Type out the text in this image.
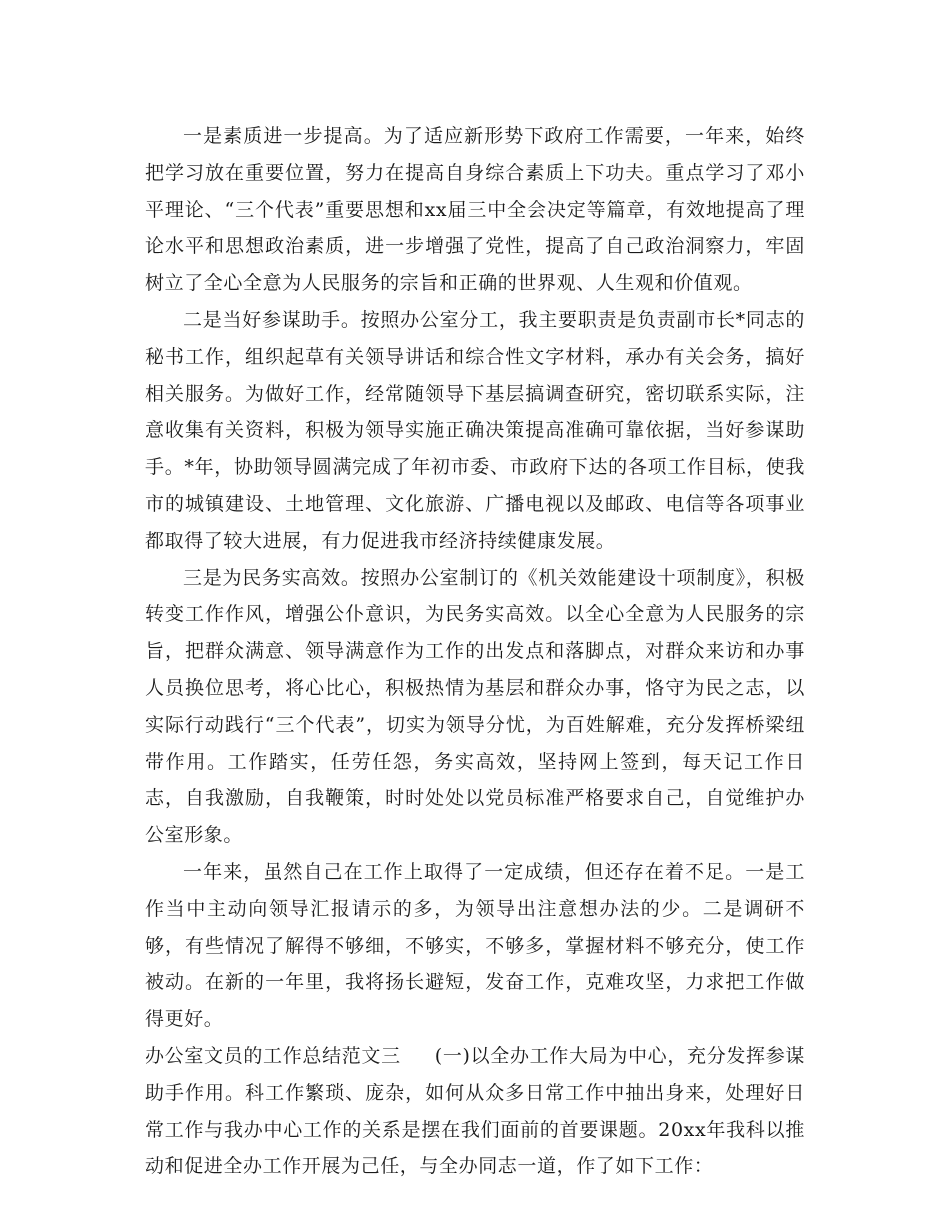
一是素质进一步提高。为了适应新形势下政府工作需要，一年来，始终把学习放在重要位置，努力在提高自身综合素质上下功夫。重点学习了邓小平理论、“三个代表”重要思想和xx届三中全会决定等篇章，有效地提高了理论水平和思想政治素质，进一步增强了党性，提高了自己政治洞察力，牢固树立了全心全意为人民服务的宗旨和正确的世界观、人生观和价值观。

二是当好参谋助手。按照办公室分工，我主要职责是负责副市长*同志的秘书工作，组织起草有关领导讲话和综合性文字材料，承办有关会务，搞好相关服务。为做好工作，经常随领导下基层搞调查研究，密切联系实际，注意收集有关资料，积极为领导实施正确决策提高准确可靠依据，当好参谋助手。*年，协助领导圆满完成了年初市委、市政府下达的各项工作目标，使我市的城镇建设、土地管理、文化旅游、广播电视以及邮政、电信等各项事业都取得了较大进展，有力促进我市经济持续健康发展。

三是为民务实高效。按照办公室制订的《机关效能建设十项制度》，积极转变工作作风，增强公仆意识，为民务实高效。以全心全意为人民服务的宗旨，把群众满意、领导满意作为工作的出发点和落脚点，对群众来访和办事人员换位思考，将心比心，积极热情为基层和群众办事，恪守为民之志，以实际行动践行“三个代表”，切实为领导分忧，为百姓解难，充分发挥桥梁纽带作用。工作踏实，任劳任怨，务实高效，坚持网上签到，每天记工作日志，自我激励，自我鞭策，时时处处以党员标准严格要求自己，自觉维护办公室形象。

一年来，虽然自己在工作上取得了一定成绩，但还存在着不足。一是工作当中主动向领导汇报请示的多，为领导出注意想办法的少。二是调研不够，有些情况了解得不够细，不够实，不够多，掌握材料不够充分，使工作被动。在新的一年里，我将扬长避短，发奋工作，克难攻坚，力求把工作做得更好。

办公室文员的工作总结范文三 (一)以全办工作大局为中心，充分发挥参谋助手作用。科工作繁琐、庞杂，如何从众多日常工作中抽出身来，处理好日常工作与我办中心工作的关系是摆在我们面前的首要课题。20xx年我科以推动和促进全办工作开展为己任，与全办同志一道，作了如下工作：
